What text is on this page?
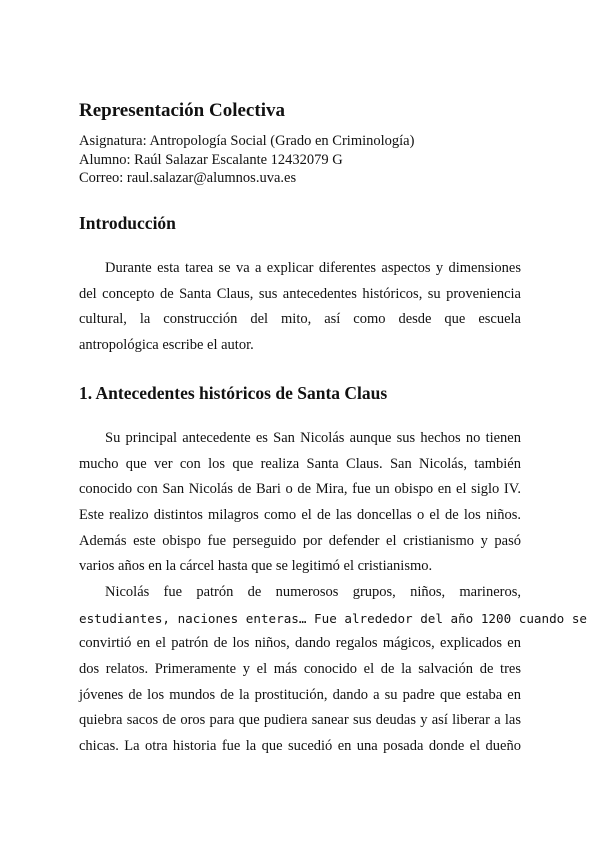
Representación Colectiva
Asignatura: Antropología Social (Grado en Criminología)
Alumno: Raúl Salazar Escalante 12432079 G
Correo: raul.salazar@alumnos.uva.es
Introducción
Durante esta tarea se va a explicar diferentes aspectos y dimensiones
del concepto de Santa Claus, sus antecedentes históricos, su proveniencia
cultural, la construcción del mito, así como desde que escuela
antropológica escribe el autor.
1. Antecedentes históricos de Santa Claus
Su principal antecedente es San Nicolás aunque sus hechos no tienen
mucho que ver con los que realiza Santa Claus. San Nicolás, también
conocido con San Nicolás de Bari o de Mira, fue un obispo en el siglo IV.
Este realizo distintos milagros como el de las doncellas o el de los niños.
Además este obispo fue perseguido por defender el cristianismo y pasó
varios años en la cárcel hasta que se legitimó el cristianismo.
Nicolás fue patrón de numerosos grupos, niños, marineros,
estudiantes, naciones enteras… Fue alrededor del año 1200 cuando se
convirtió en el patrón de los niños, dando regalos mágicos, explicados en
dos relatos. Primeramente y el más conocido el de la salvación de tres
jóvenes de los mundos de la prostitución, dando a su padre que estaba en
quiebra sacos de oros para que pudiera sanear sus deudas y así liberar a las
chicas. La otra historia fue la que sucedió en una posada donde el dueño
